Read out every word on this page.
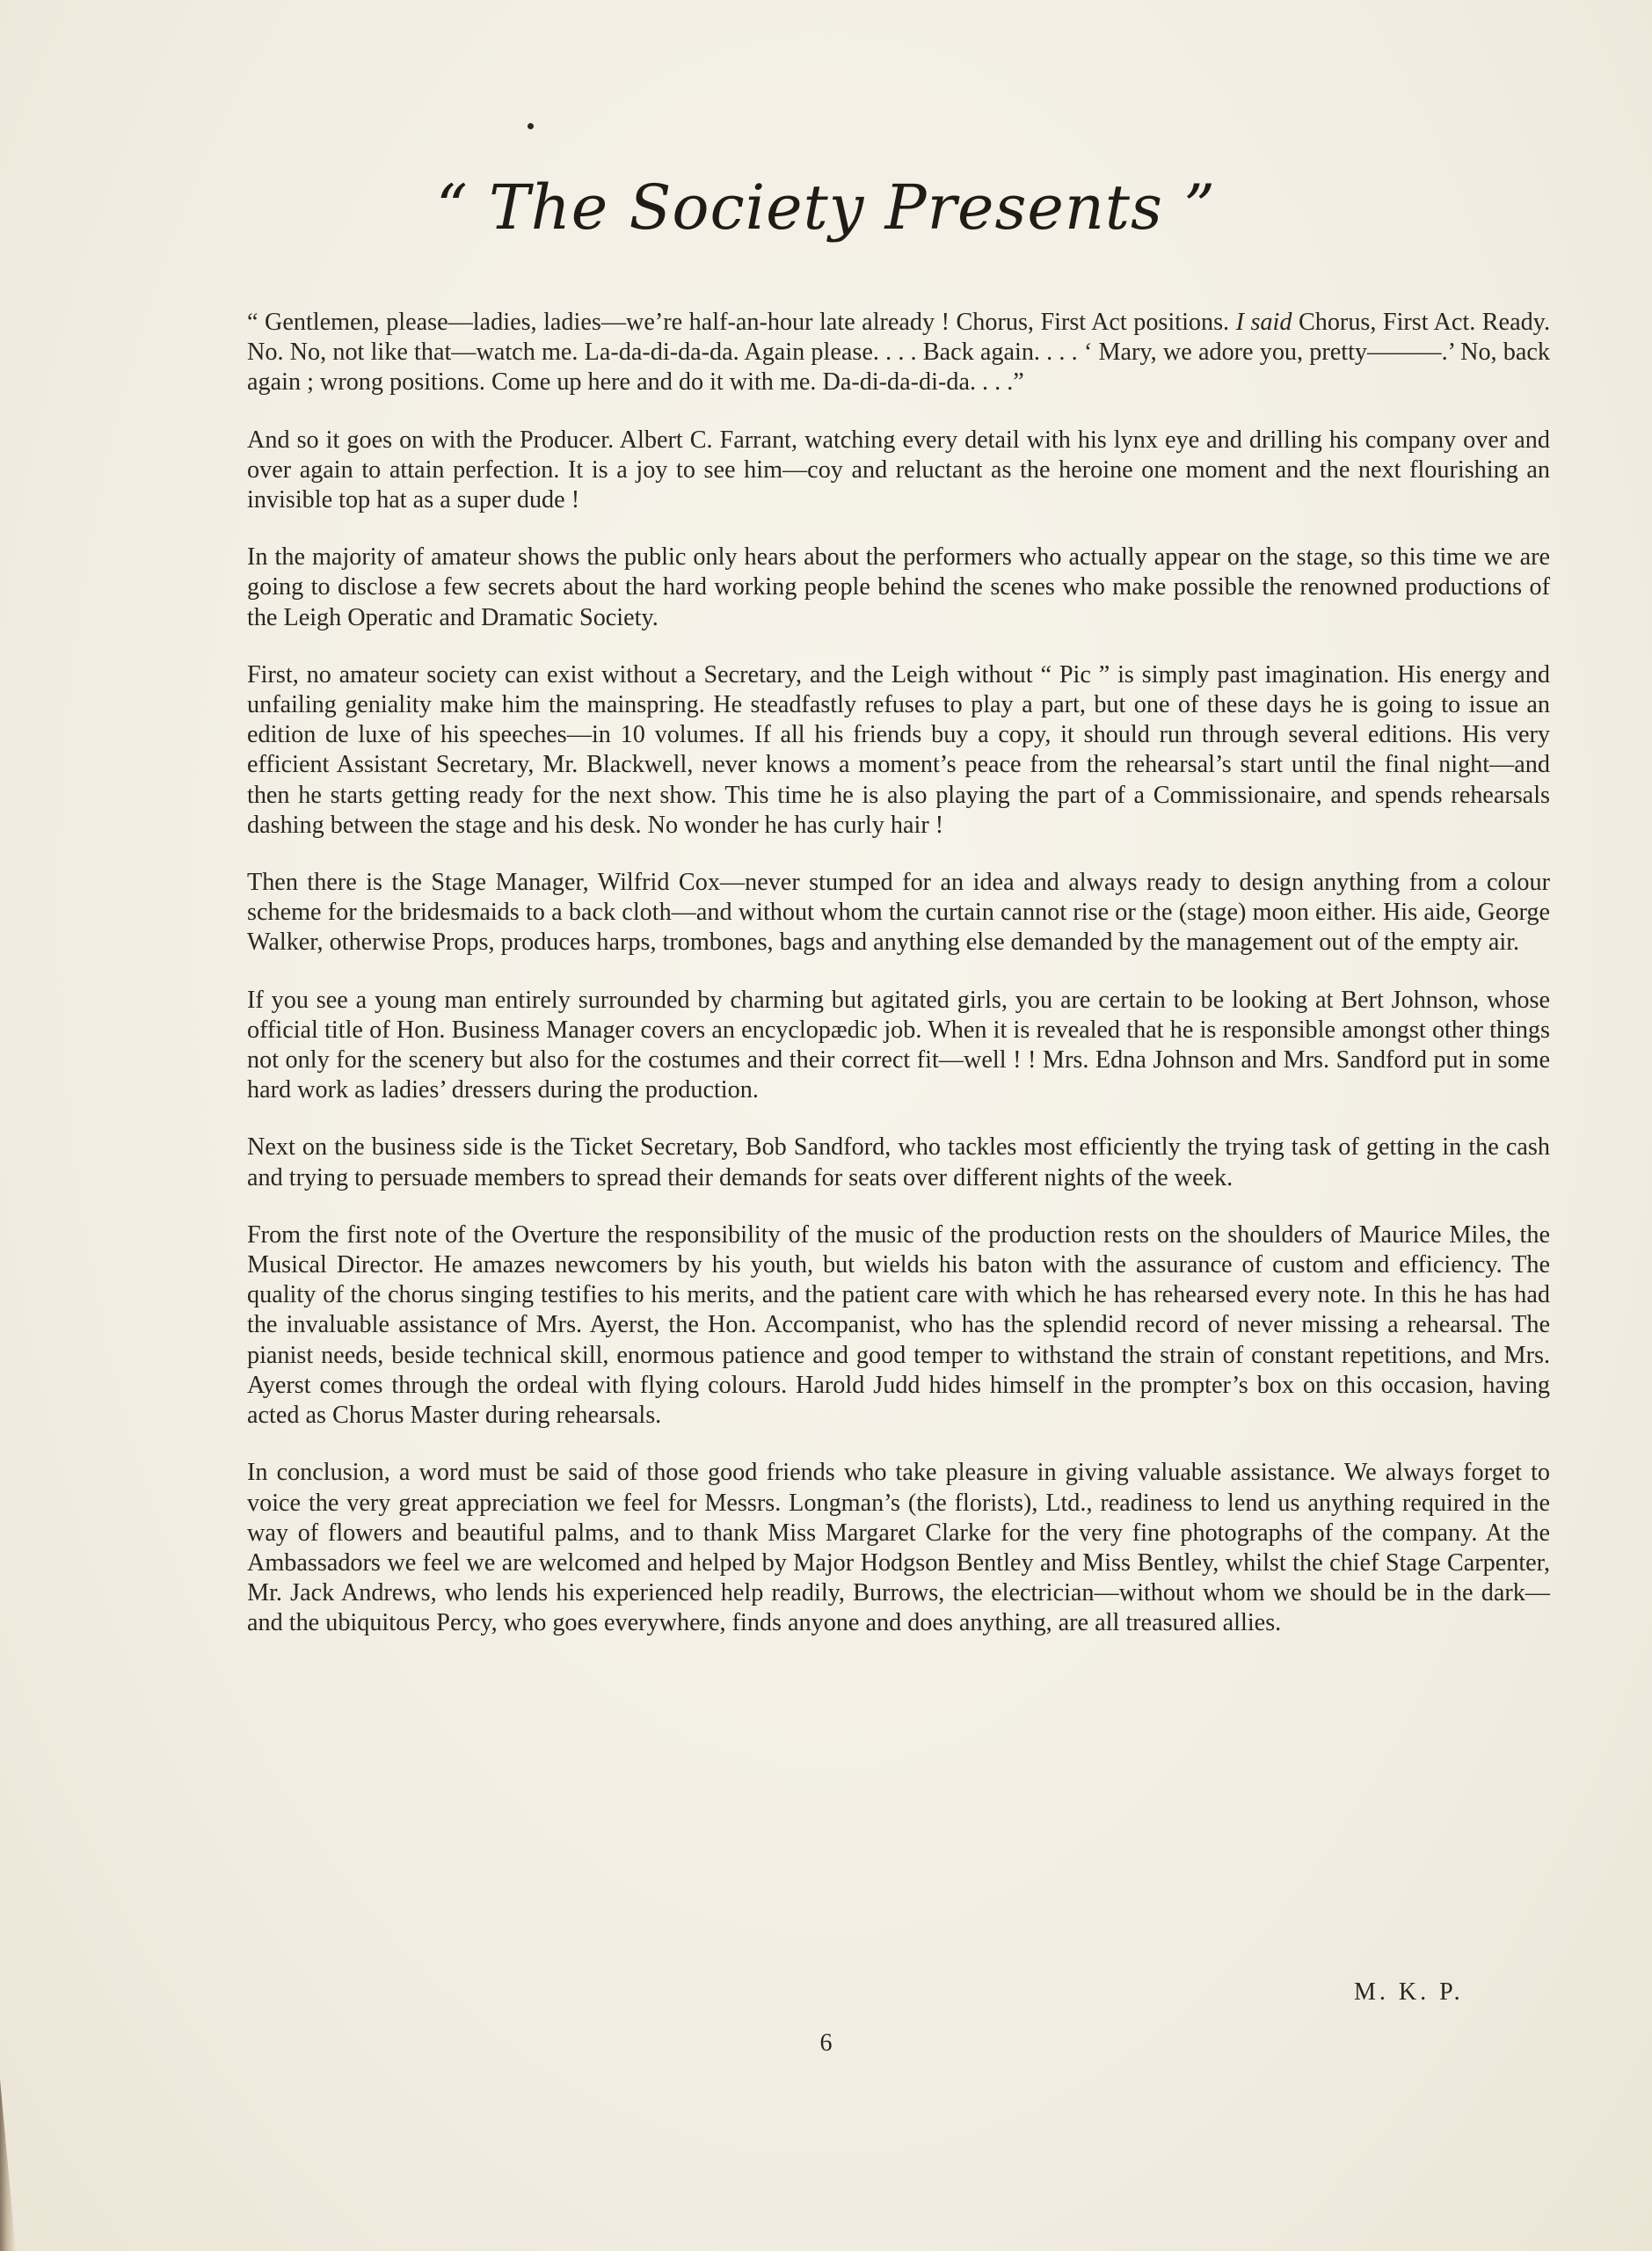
“ The Society Presents ”

“ Gentlemen, please—ladies, ladies—we’re half-an-hour late already ! Chorus, First Act positions. I said Chorus, First Act. Ready. No. No, not like that—watch me. La-da-di-da-da. Again please. . . . Back again. . . . ‘ Mary, we adore you, pretty———.’ No, back again ; wrong positions. Come up here and do it with me. Da-di-da-di-da. . . .”

And so it goes on with the Producer. Albert C. Farrant, watching every detail with his lynx eye and drilling his company over and over again to attain perfection. It is a joy to see him—coy and reluctant as the heroine one moment and the next flourishing an invisible top hat as a super dude !

In the majority of amateur shows the public only hears about the performers who actually appear on the stage, so this time we are going to disclose a few secrets about the hard working people behind the scenes who make possible the renowned productions of the Leigh Operatic and Dramatic Society.

First, no amateur society can exist without a Secretary, and the Leigh without “ Pic ” is simply past imagination. His energy and unfailing geniality make him the mainspring. He steadfastly refuses to play a part, but one of these days he is going to issue an edition de luxe of his speeches—in 10 volumes. If all his friends buy a copy, it should run through several editions. His very efficient Assistant Secretary, Mr. Blackwell, never knows a moment’s peace from the rehearsal’s start until the final night—and then he starts getting ready for the next show. This time he is also playing the part of a Commissionaire, and spends rehearsals dashing between the stage and his desk. No wonder he has curly hair !

Then there is the Stage Manager, Wilfrid Cox—never stumped for an idea and always ready to design anything from a colour scheme for the bridesmaids to a back cloth—and without whom the curtain cannot rise or the (stage) moon either. His aide, George Walker, otherwise Props, produces harps, trombones, bags and anything else demanded by the management out of the empty air.

If you see a young man entirely surrounded by charming but agitated girls, you are certain to be looking at Bert Johnson, whose official title of Hon. Business Manager covers an encyclopædic job. When it is revealed that he is responsible amongst other things not only for the scenery but also for the costumes and their correct fit—well ! ! Mrs. Edna Johnson and Mrs. Sandford put in some hard work as ladies’ dressers during the production.

Next on the business side is the Ticket Secretary, Bob Sandford, who tackles most efficiently the trying task of getting in the cash and trying to persuade members to spread their demands for seats over different nights of the week.

From the first note of the Overture the responsibility of the music of the production rests on the shoulders of Maurice Miles, the Musical Director. He amazes newcomers by his youth, but wields his baton with the assurance of custom and efficiency. The quality of the chorus singing testifies to his merits, and the patient care with which he has rehearsed every note. In this he has had the invaluable assistance of Mrs. Ayerst, the Hon. Accompanist, who has the splendid record of never missing a rehearsal. The pianist needs, beside technical skill, enormous patience and good temper to withstand the strain of constant repetitions, and Mrs. Ayerst comes through the ordeal with flying colours. Harold Judd hides himself in the prompter’s box on this occasion, having acted as Chorus Master during rehearsals.

In conclusion, a word must be said of those good friends who take pleasure in giving valuable assistance. We always forget to voice the very great appreciation we feel for Messrs. Longman’s (the florists), Ltd., readiness to lend us anything required in the way of flowers and beautiful palms, and to thank Miss Margaret Clarke for the very fine photographs of the company. At the Ambassadors we feel we are welcomed and helped by Major Hodgson Bentley and Miss Bentley, whilst the chief Stage Carpenter, Mr. Jack Andrews, who lends his experienced help readily, Burrows, the electrician—without whom we should be in the dark—and the ubiquitous Percy, who goes everywhere, finds anyone and does anything, are all treasured allies.

M. K. P.
6
